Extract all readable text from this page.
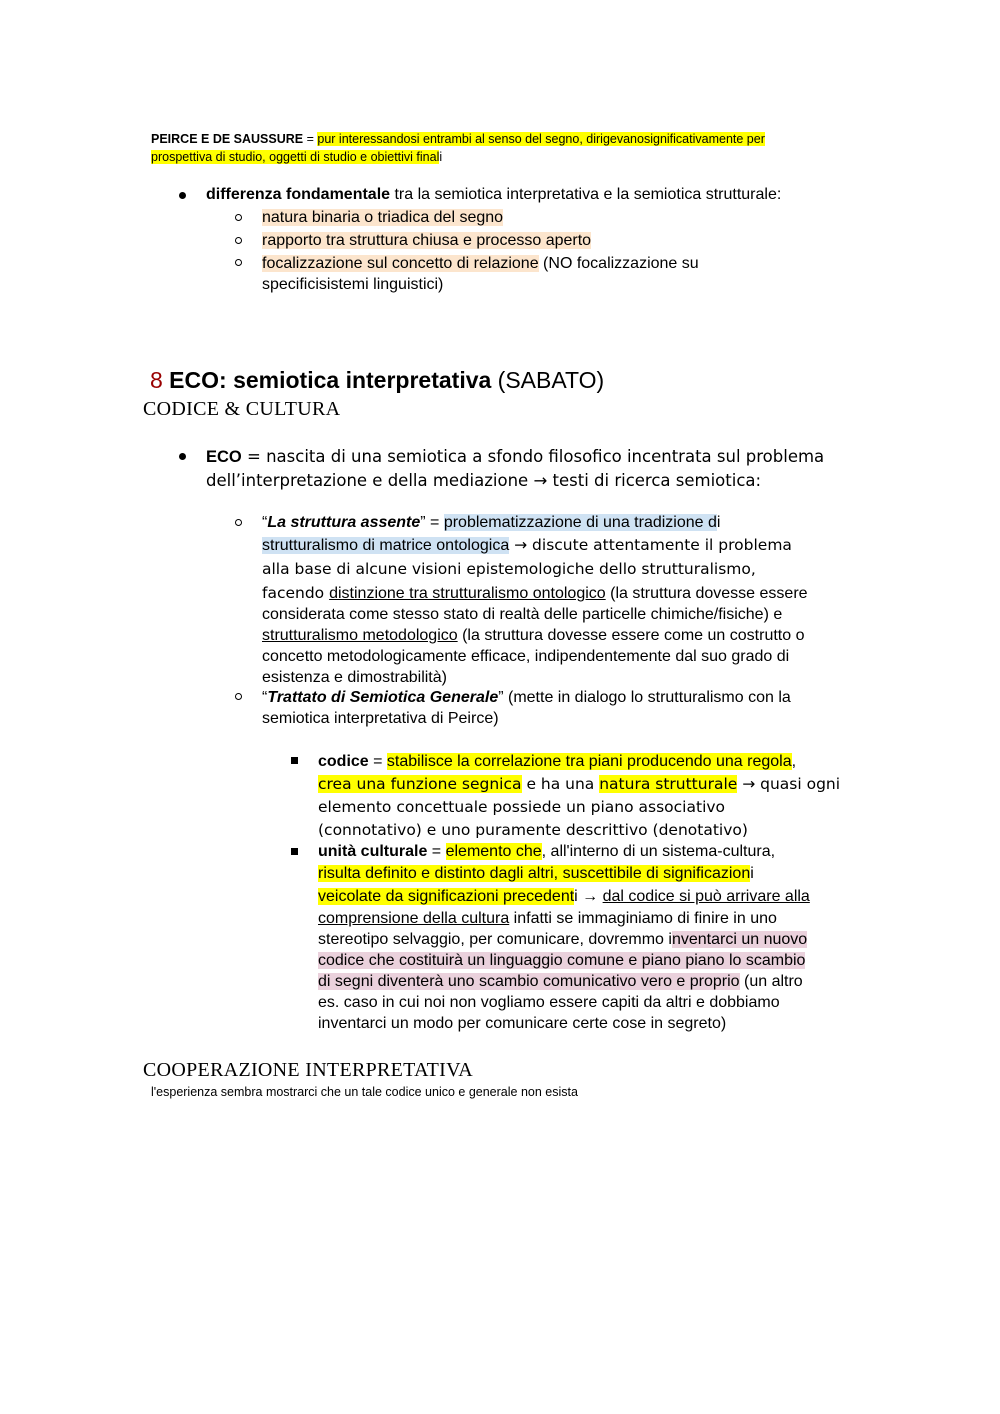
PEIRCE E DE SAUSSURE = pur interessandosi entrambi al senso del segno, dirigevanosignificativamente per
prospettiva di studio, oggetti di studio e obiettivi finali
differenza fondamentale tra la semiotica interpretativa e la semiotica strutturale:
natura binaria o triadica del segno
rapporto tra struttura chiusa e processo aperto
focalizzazione sul concetto di relazione (NO focalizzazione su
specificisistemi linguistici)
8 ECO: semiotica interpretativa (SABATO)
CODICE & CULTURA
ECO = nascita di una semiotica a sfondo filosofico incentrata sul problema
dell’interpretazione e della mediazione → testi di ricerca semiotica:
“La struttura assente” = problematizzazione di una tradizione di
strutturalismo di matrice ontologica → discute attentamente il problema
alla base di alcune visioni epistemologiche dello strutturalismo,
facendo distinzione tra strutturalismo ontologico (la struttura dovesse essere
considerata come stesso stato di realtà delle particelle chimiche/fisiche) e
strutturalismo metodologico (la struttura dovesse essere come un costrutto o
concetto metodologicamente efficace, indipendentemente dal suo grado di
esistenza e dimostrabilità)
“Trattato di Semiotica Generale” (mette in dialogo lo strutturalismo con la
semiotica interpretativa di Peirce)
codice = stabilisce la correlazione tra piani producendo una regola,
crea una funzione segnica e ha una natura strutturale → quasi ogni
elemento concettuale possiede un piano associativo
(connotativo) e uno puramente descrittivo (denotativo)
unità culturale = elemento che, all'interno di un sistema-cultura,
risulta definito e distinto dagli altri, suscettibile di significazioni
veicolate da significazioni precedenti → dal codice si può arrivare alla
comprensione della cultura infatti se immaginiamo di finire in uno
stereotipo selvaggio, per comunicare, dovremmo inventarci un nuovo
codice che costituirà un linguaggio comune e piano piano lo scambio
di segni diventerà uno scambio comunicativo vero e proprio (un altro
es. caso in cui noi non vogliamo essere capiti da altri e dobbiamo
inventarci un modo per comunicare certe cose in segreto)
COOPERAZIONE INTERPRETATIVA
l'esperienza sembra mostrarci che un tale codice unico e generale non esista
